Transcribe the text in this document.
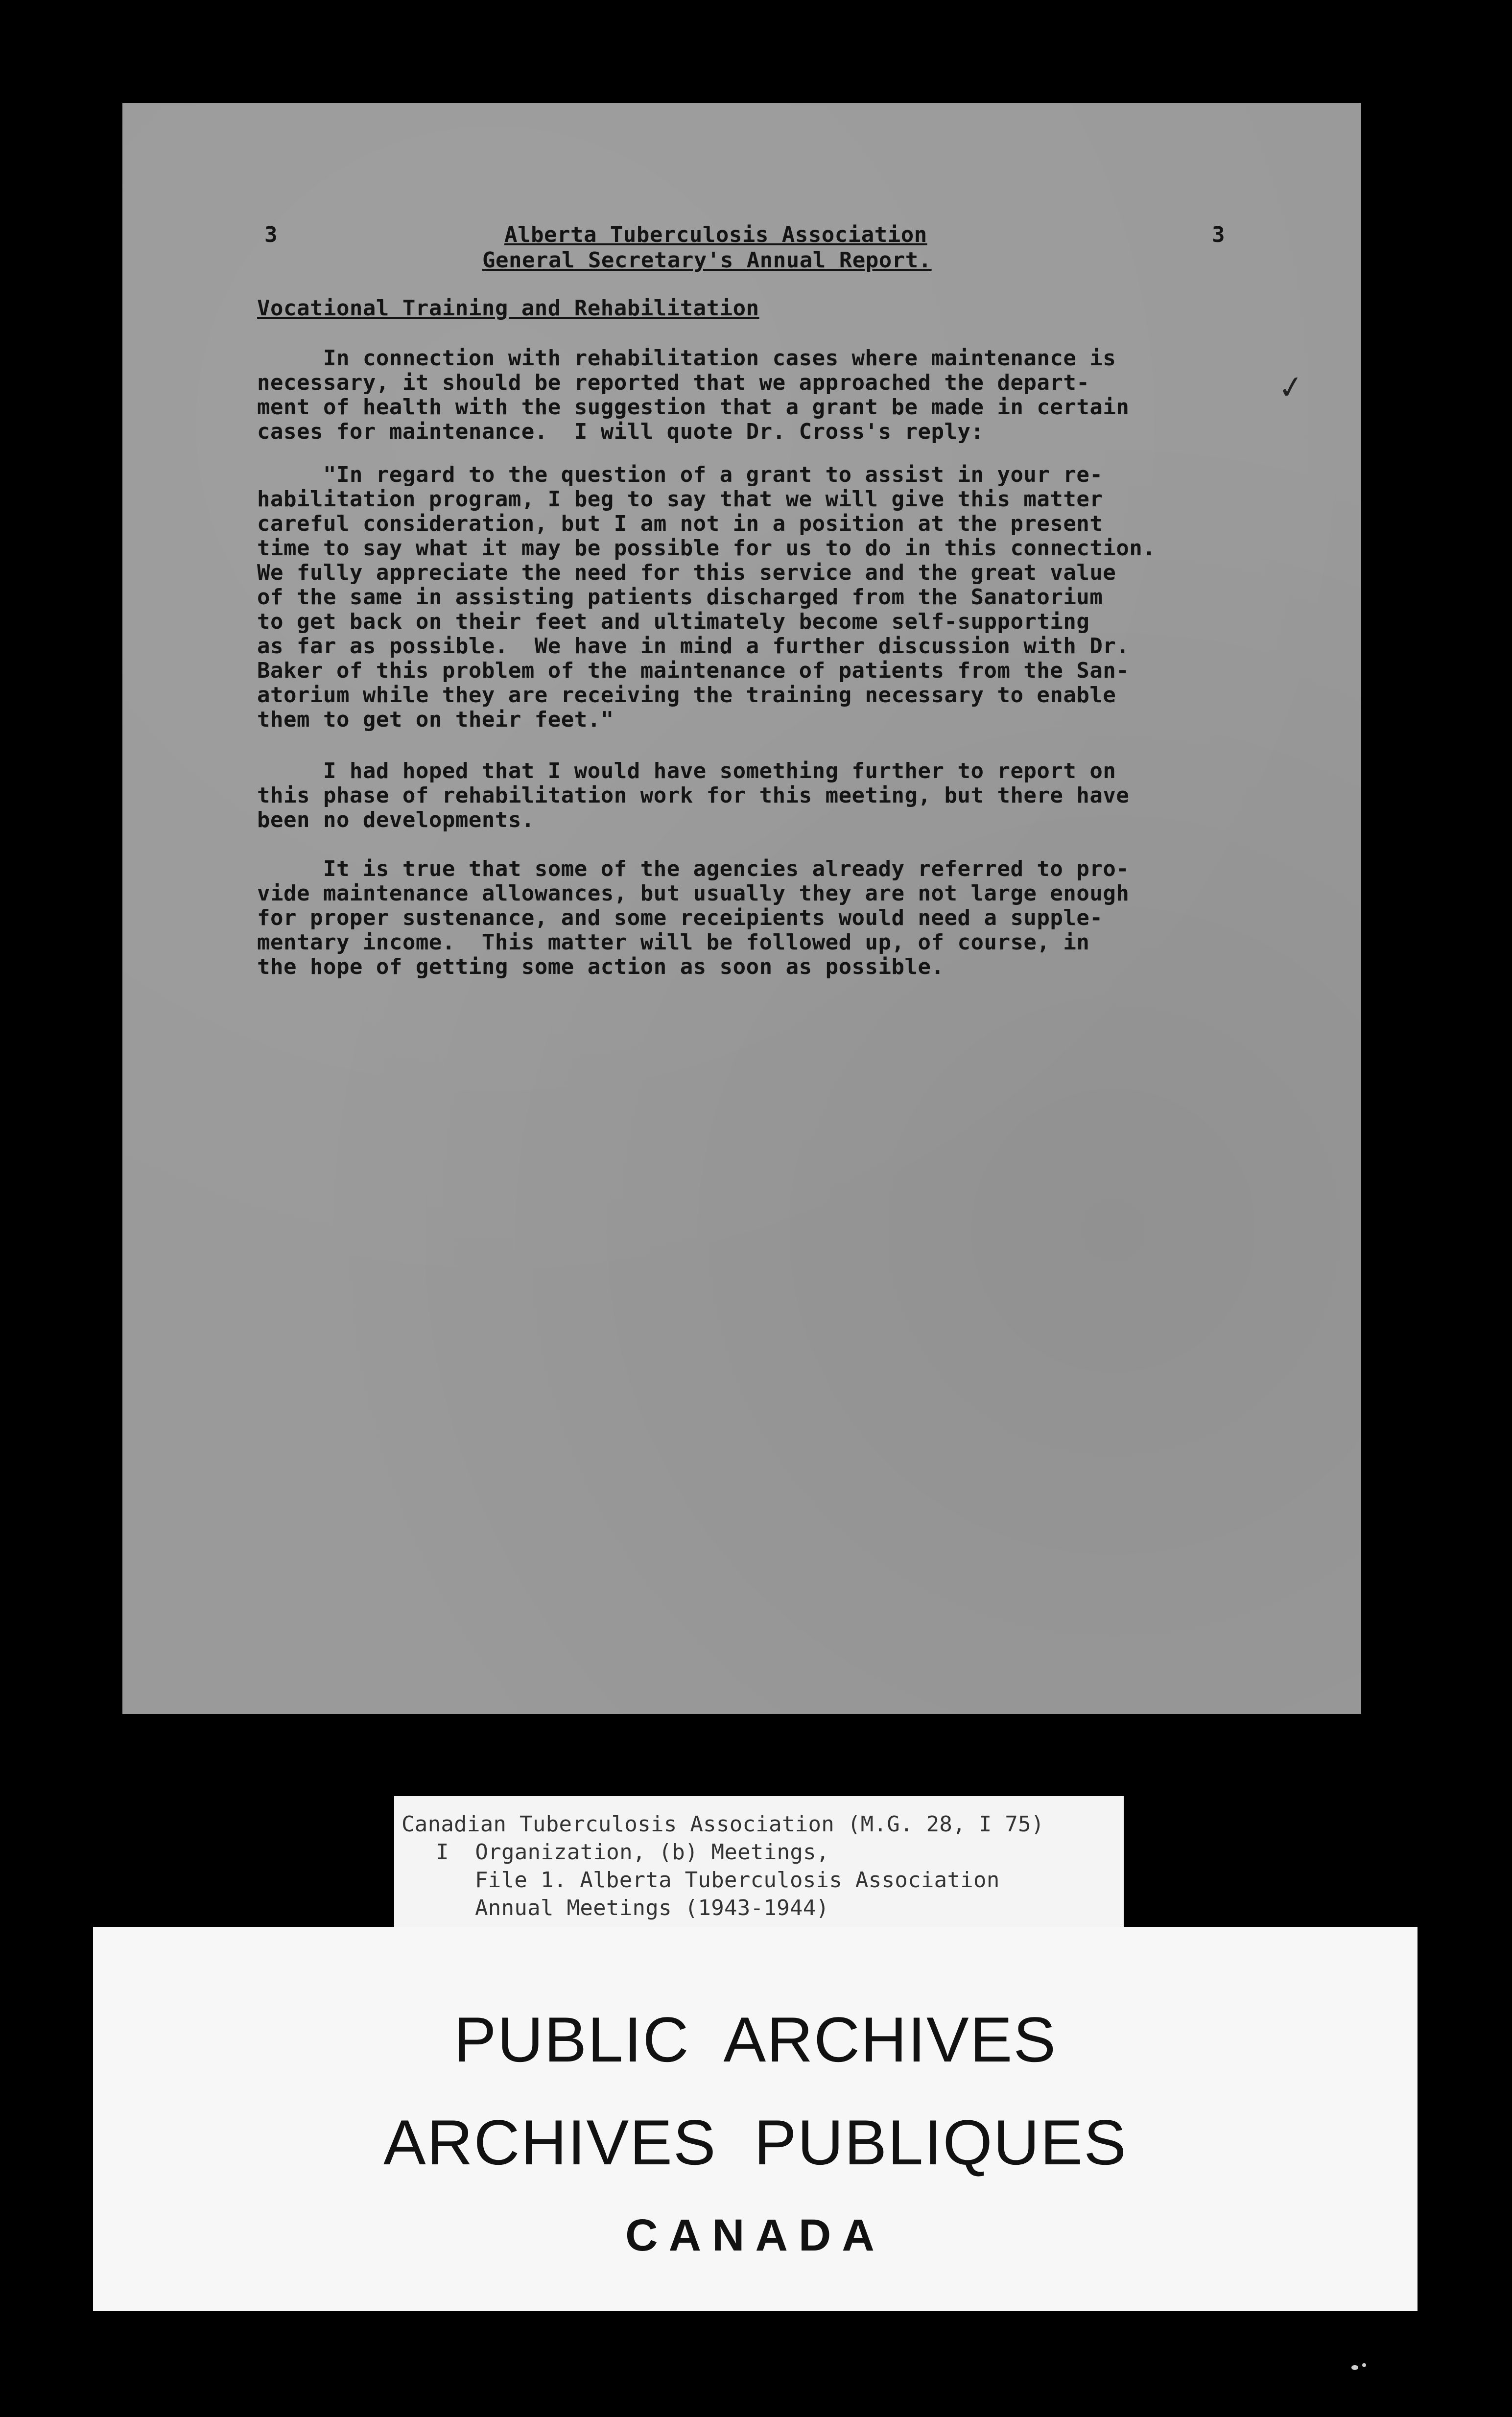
3	Alberta Tuberculosis Association	3
General Secretary's Annual Report.
Vocational Training and Rehabilitation
In connection with rehabilitation cases where maintenance is
necessary, it should be reported that we approached the depart-
ment of health with the suggestion that a grant be made in certain
cases for maintenance.  I will quote Dr. Cross's reply:
✓
"In regard to the question of a grant to assist in your re-
habilitation program, I beg to say that we will give this matter
careful consideration, but I am not in a position at the present
time to say what it may be possible for us to do in this connection.
We fully appreciate the need for this service and the great value
of the same in assisting patients discharged from the Sanatorium
to get back on their feet and ultimately become self-supporting
as far as possible.  We have in mind a further discussion with Dr.
Baker of this problem of the maintenance of patients from the San-
atorium while they are receiving the training necessary to enable
them to get on their feet."
I had hoped that I would have something further to report on
this phase of rehabilitation work for this meeting, but there have
been no developments.
It is true that some of the agencies already referred to pro-
vide maintenance allowances, but usually they are not large enough
for proper sustenance, and some receipients would need a supple-
mentary income.  This matter will be followed up, of course, in
the hope of getting some action as soon as possible.
Canadian Tuberculosis Association (M.G. 28, I 75)
I  Organization, (b) Meetings,
File 1. Alberta Tuberculosis Association
Annual Meetings (1943-1944)
PUBLIC  ARCHIVES
ARCHIVES  PUBLIQUES
CANADA
